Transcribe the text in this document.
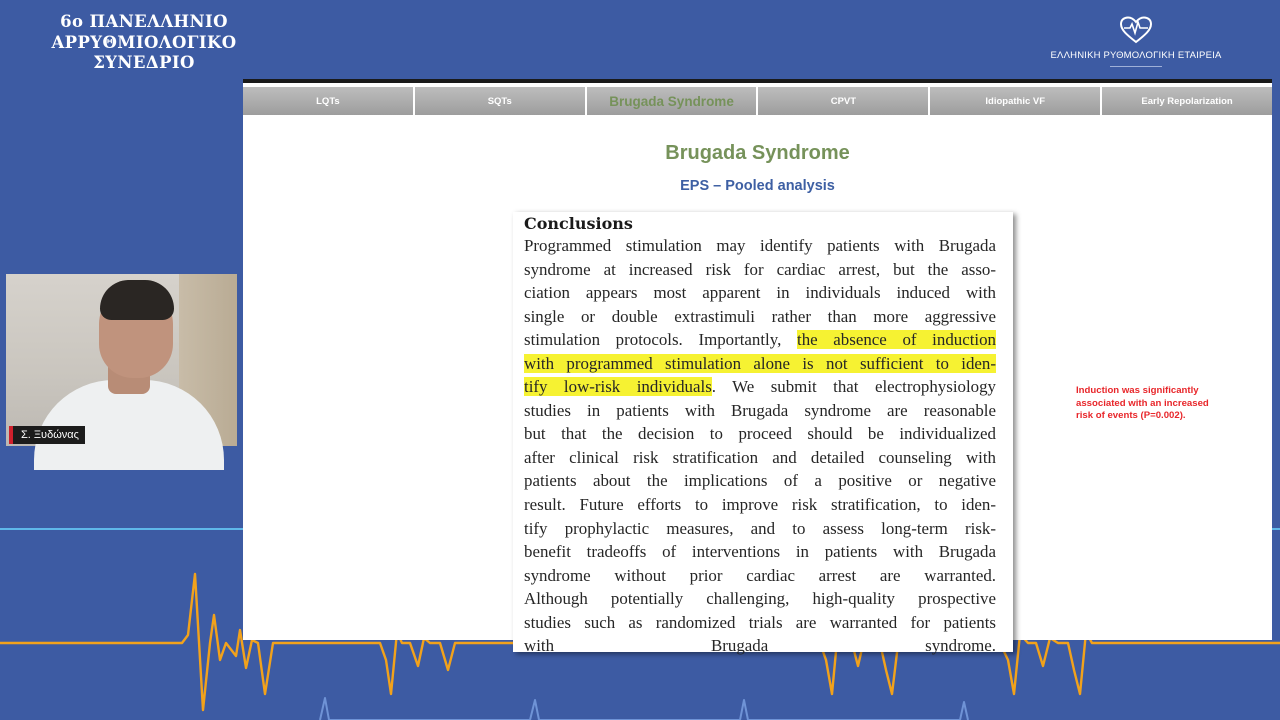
6ο ΠΑΝΕΛΛΗΝΙΟ
ΑΡΡΥΘΜΙΟΛΟΓΙΚΟ
ΣΥΝΕΔΡΙΟ	ΕΛΛΗΝΙΚΗ ΡΥΘΜΟΛΟΓΙΚΗ ΕΤΑΙΡΕΙΑ
Σ. Ξυδώνας
LQTs	SQTs	Brugada Syndrome	CPVT	Idiopathic VF	Early Repolarization
Brugada Syndrome
EPS – Pooled analysis
Conclusions
Programmed stimulation may identify patients with Brugada
syndrome at increased risk for cardiac arrest, but the asso-
ciation appears most apparent in individuals induced with
single or double extrastimuli rather than more aggressive
stimulation protocols. Importantly, the absence of induction
with programmed stimulation alone is not sufficient to iden-
tify low-risk individuals. We submit that electrophysiology
studies in patients with Brugada syndrome are reasonable
but that the decision to proceed should be individualized
after clinical risk stratification and detailed counseling with
patients about the implications of a positive or negative
result. Future efforts to improve risk stratification, to iden-
tify prophylactic measures, and to assess long-term risk-
benefit tradeoffs of interventions in patients with Brugada
syndrome without prior cardiac arrest are warranted.
Although potentially challenging, high-quality prospective
studies such as randomized trials are warranted for patients
with Brugada syndrome.
Induction was significantly associated with an increased risk of events (P=0.002).
